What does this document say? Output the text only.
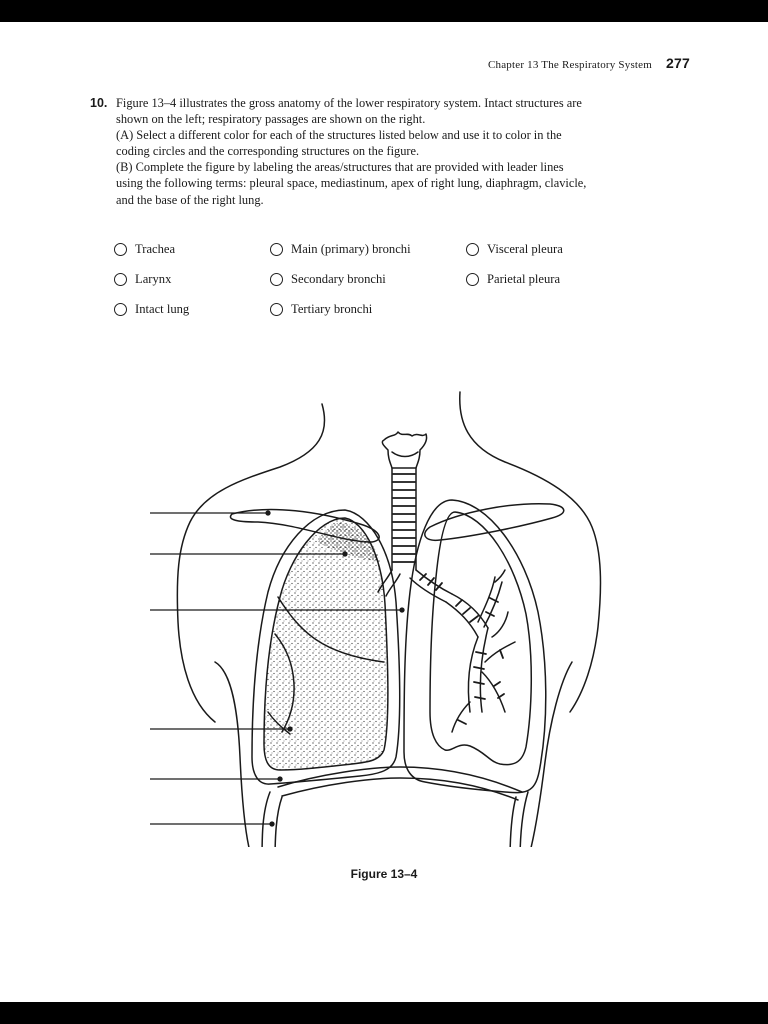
Chapter 13 The Respiratory System 277
10. Figure 13–4 illustrates the gross anatomy of the lower respiratory system. Intact structures are shown on the left; respiratory passages are shown on the right.

(A) Select a different color for each of the structures listed below and use it to color in the coding circles and the corresponding structures on the figure.

(B) Complete the figure by labeling the areas/structures that are provided with leader lines using the following terms: pleural space, mediastinum, apex of right lung, diaphragm, clavicle, and the base of the right lung.

Trachea	Main (primary) bronchi	Visceral pleura
Larynx	Secondary bronchi	Parietal pleura
Intact lung	Tertiary bronchi
Figure 13–4
